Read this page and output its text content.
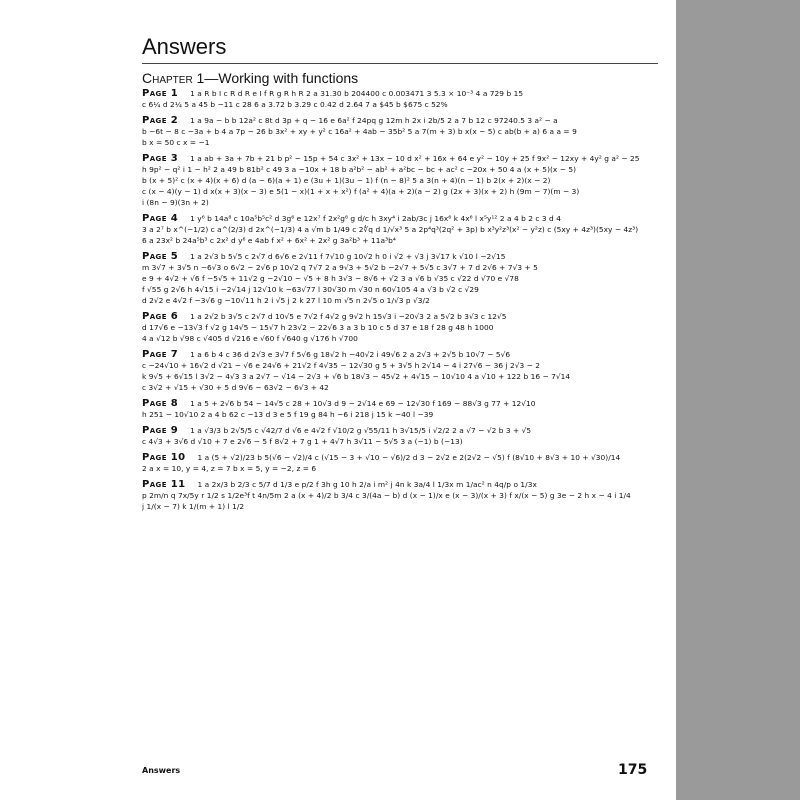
Answers
Chapter 1—Working with functions
Page 1 1 a R b I c R d R e I f R g R h R 2 a 31.30 b 204400 c 0.003471 3 5.3 × 10⁻³ 4 a 729 b 15
c 6¼ d 2¼ 5 a 45 b −11 c 28 6 a 3.72 b 3.29 c 0.42 d 2.64 7 a $45 b $675 c 52%
Page 2 1 a 9a − b b 12a² c 8t d 3p + q − 16 e 6a² f 24pq g 12m h 2x i 2b/5 2 a 7 b 12 c 97240.5 3 a² − a
b −6t − 8 c −3a + b 4 a 7p − 26 b 3x² + xy + y² c 16a² + 4ab − 35b² 5 a 7(m + 3) b x(x − 5) c ab(b + a) 6 a a = 9
b x = 50 c x = −1
Page 3 1 a ab + 3a + 7b + 21 b p² − 15p + 54 c 3x² + 13x − 10 d x² + 16x + 64 e y² − 10y + 25 f 9x² − 12xy + 4y² g a² − 25
h 9p² − q² i 1 − h² 2 a 49 b 81b² c 49 3 a −10x + 18 b a²b² − ab² + a²bc − bc + ac² c −20x + 50 4 a (x + 5)(x − 5)
b (x + 5)² c (x + 4)(x + 6) d (a − 6)(a + 1) e (3u + 1)(3u − 1) f (n − 8)² 5 a 3(n + 4)(n − 1) b 2(x + 2)(x − 2)
c (x − 4)(y − 1) d x(x + 3)(x − 3) e 5(1 − x)(1 + x + x²) f (a² + 4)(a + 2)(a − 2) g (2x + 3)(x + 2) h (9m − 7)(m − 3)
i (8n − 9)(3n + 2)
Page 4 1 y⁶ b 14a⁸ c 10a⁵b⁵c² d 3g⁶ e 12x⁷ f 2x²g⁶ g d/c h 3xy⁴ i 2ab/3c j 16x⁶ k 4x⁶ l x⁵y¹² 2 a 4 b 2 c 3 d 4
3 a 2⁷ b x^(−1/2) c a^(2/3) d 2x^(−1/3) 4 a √m b 1/49 c 2∜q d 1/√x³ 5 a 2p⁴q³(2q² + 3p) b x³y²z³(x² − y²z) c (5xy + 4z³)(5xy − 4z³)
6 a 23x² b 24a⁵b³ c 2x² d y⁶ e 4ab f x² + 6x² + 2x² g 3a²b³ + 11a³b⁴
Page 5 1 a 2√3 b 5√5 c 2√7 d 6√6 e 2√11 f 7√10 g 10√2 h 0 i √2 + √3 j 3√17 k √10 l −2√15
m 3√7 + 3√5 n −6√3 o 6√2 − 2√6 p 10√2 q 7√7 2 a 9√3 + 5√2 b −2√7 + 5√5 c 3√7 + 7 d 2√6 + 7√3 + 5
e 9 + 4√2 + √6 f −5√5 + 11√2 g −2√10 − √5 + 8 h 3√3 − 8√6 + √2 3 a √6 b √35 c √22 d √70 e √78
f √55 g 2√6 h 4√15 i −2√14 j 12√10 k −63√77 l 30√30 m √30 n 60√105 4 a √3 b √2 c √29
d 2√2 e 4√2 f −3√6 g −10√11 h 2 i √5 j 2 k 27 l 10 m √5 n 2√5 o 1/√3 p √3/2
Page 6 1 a 2√2 b 3√5 c 2√7 d 10√5 e 7√2 f 4√2 g 9√2 h 15√3 i −20√3 2 a 5√2 b 3√3 c 12√5
d 17√6 e −13√3 f √2 g 14√5 − 15√7 h 23√2 − 22√6 3 a 3 b 10 c 5 d 37 e 18 f 28 g 48 h 1000
4 a √12 b √98 c √405 d √216 e √60 f √640 g √176 h √700
Page 7 1 a 6 b 4 c 36 d 2√3 e 3√7 f 5√6 g 18√2 h −40√2 i 49√6 2 a 2√3 + 2√5 b 10√7 − 5√6
c −24√10 + 16√2 d √21 − √6 e 24√6 + 21√2 f 4√35 − 12√30 g 5 + 3√5 h 2√14 − 4 i 27√6 − 36 j 2√3 − 2
k 9√5 + 6√15 l 3√2 − 4√3 3 a 2√7 − √14 − 2√3 + √6 b 18√3 − 45√2 + 4√15 − 10√10 4 a √10 + 122 b 16 − 7√14
c 3√2 + √15 + √30 + 5 d 9√6 − 63√2 − 6√3 + 42
Page 8 1 a 5 + 2√6 b 54 − 14√5 c 28 + 10√3 d 9 − 2√14 e 69 − 12√30 f 169 − 88√3 g 77 + 12√10
h 251 − 10√10 2 a 4 b 62 c −13 d 3 e 5 f 19 g 84 h −6 i 218 j 15 k −40 l −39
Page 9 1 a √3/3 b 2√5/5 c √42/7 d √6 e 4√2 f √10/2 g √55/11 h 3√15/5 i √2/2 2 a √7 − √2 b 3 + √5
c 4√3 + 3√6 d √10 + 7 e 2√6 − 5 f 8√2 + 7 g 1 + 4√7 h 3√11 − 5√5 3 a (−1) b (−13)
Page 10 1 a (5 + √2)/23 b 5(√6 − √2)/4 c (√15 − 3 + √10 − √6)/2 d 3 − 2√2 e 2(2√2 − √5) f (8√10 + 8√3 + 10 + √30)/14
2 a x = 10, y = 4, z = 7 b x = 5, y = −2, z = 6
Page 11 1 a 2x/3 b 2/3 c 5/7 d 1/3 e p/2 f 3h g 10 h 2/a i m² j 4n k 3a/4 l 1/3x m 1/ac² n 4q/p o 1/3x
p 2m/n q 7x/5y r 1/2 s 1/2e³f t 4n/5m 2 a (x + 4)/2 b 3/4 c 3/(4a − b) d (x − 1)/x e (x − 3)/(x + 3) f x/(x − 5) g 3e − 2 h x − 4 i 1/4
j 1/(x − 7) k 1/(m + 1) l 1/2
Answers	175
